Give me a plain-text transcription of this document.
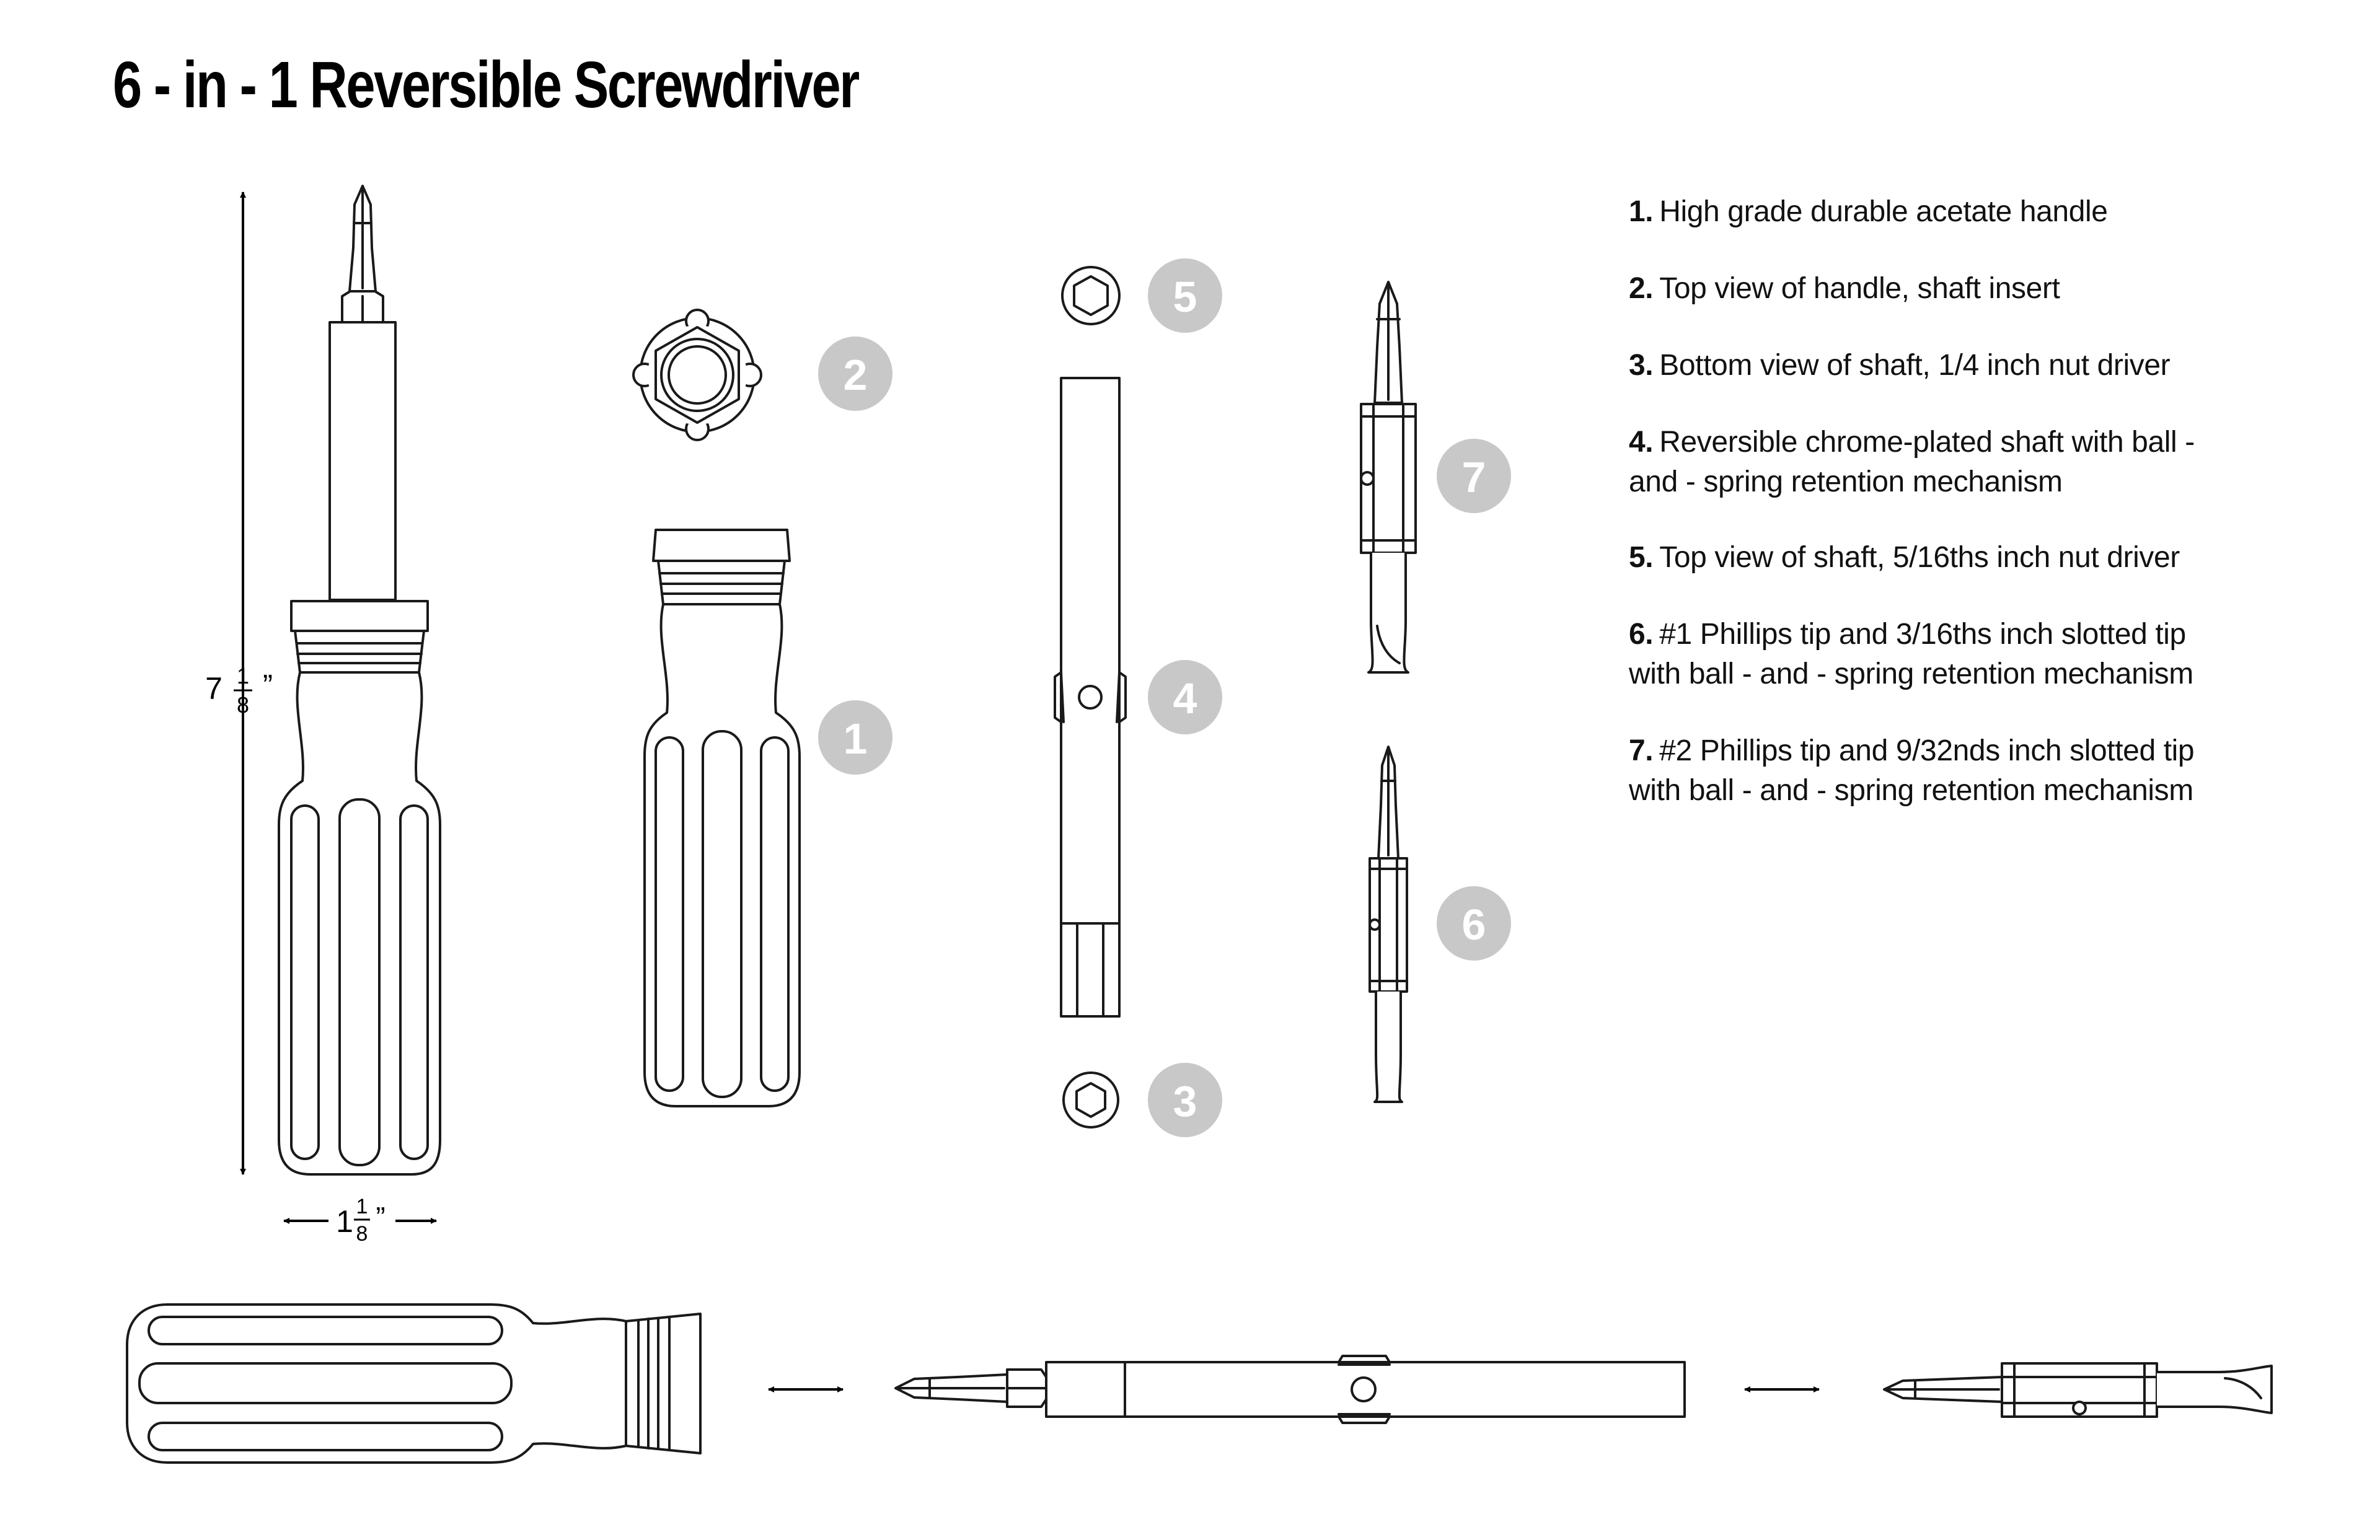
6 - in - 1 Reversible Screwdriver
7 1
8
”
1 1
8
”
1
2
3
4
5
6
7
1. High grade durable acetate handle
2. Top view of handle, shaft insert
3. Bottom view of shaft, 1/4 inch nut driver
4. Reversible chrome-plated shaft with ball -
and - spring retention mechanism
5. Top view of shaft, 5/16ths inch nut driver
6. #1 Phillips tip and 3/16ths inch slotted tip
with ball - and - spring retention mechanism
7. #2 Phillips tip and 9/32nds inch slotted tip
with ball - and - spring retention mechanism
